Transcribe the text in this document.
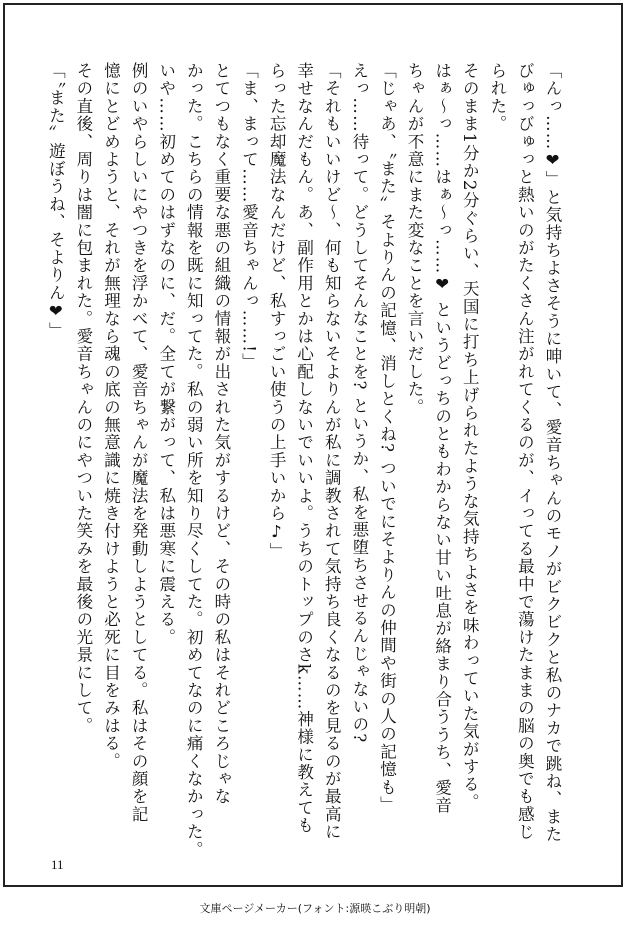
「んっ……❤」と気持ちよさそうに呻いて、愛音ちゃんのモノがビクビクと私のナカで跳ね、また
びゅっびゅっと熱いのがたくさん注がれてくるのが、イってる最中で蕩けたままの脳の奥でも感じ
られた。
そのまま1分か2分ぐらい、天国に打ち上げられたような気持ちよさを味わっていた気がする。
はぁ〜っ……はぁ〜っ……❤ というどっちのともわからない甘い吐息が絡まり合ううち、愛音
ちゃんが不意にまた変なことを言いだした。
「じゃあ、〝また〟そよりんの記憶、消しとくね? ついでにそよりんの仲間や街の人の記憶も」
えっ……待って。どうしてそんなことを? というか、私を悪堕ちさせるんじゃないの?
「それもいいけど〜、何も知らないそよりんが私に調教されて気持ち良くなるのを見るのが最高に
幸せなんだもん。あ、副作用とかは心配しないでいいよ。うちのトップのさk……神様に教えても
らった忘却魔法なんだけど、私すっごい使うの上手いから♪」
「ま、まって……愛音ちゃんっ……!」
とてつもなく重要な悪の組織の情報が出された気がするけど、その時の私はそれどころじゃな
かった。こちらの情報を既に知ってた。私の弱い所を知り尽くしてた。初めてなのに痛くなかった。
いや……初めてのはずなのに、だ。全てが繋がって、私は悪寒に震える。
例のいやらしいにやつきを浮かべて、愛音ちゃんが魔法を発動しようとしてる。私はその顔を記
憶にとどめようと、それが無理なら魂の底の無意識に焼き付けようと必死に目をみはる。
その直後、周りは闇に包まれた。愛音ちゃんのにやついた笑みを最後の光景にして。
「〝また〟遊ぼうね、そよりん❤」
11
文庫ページメーカー(フォント:源暎こぶり明朝)
